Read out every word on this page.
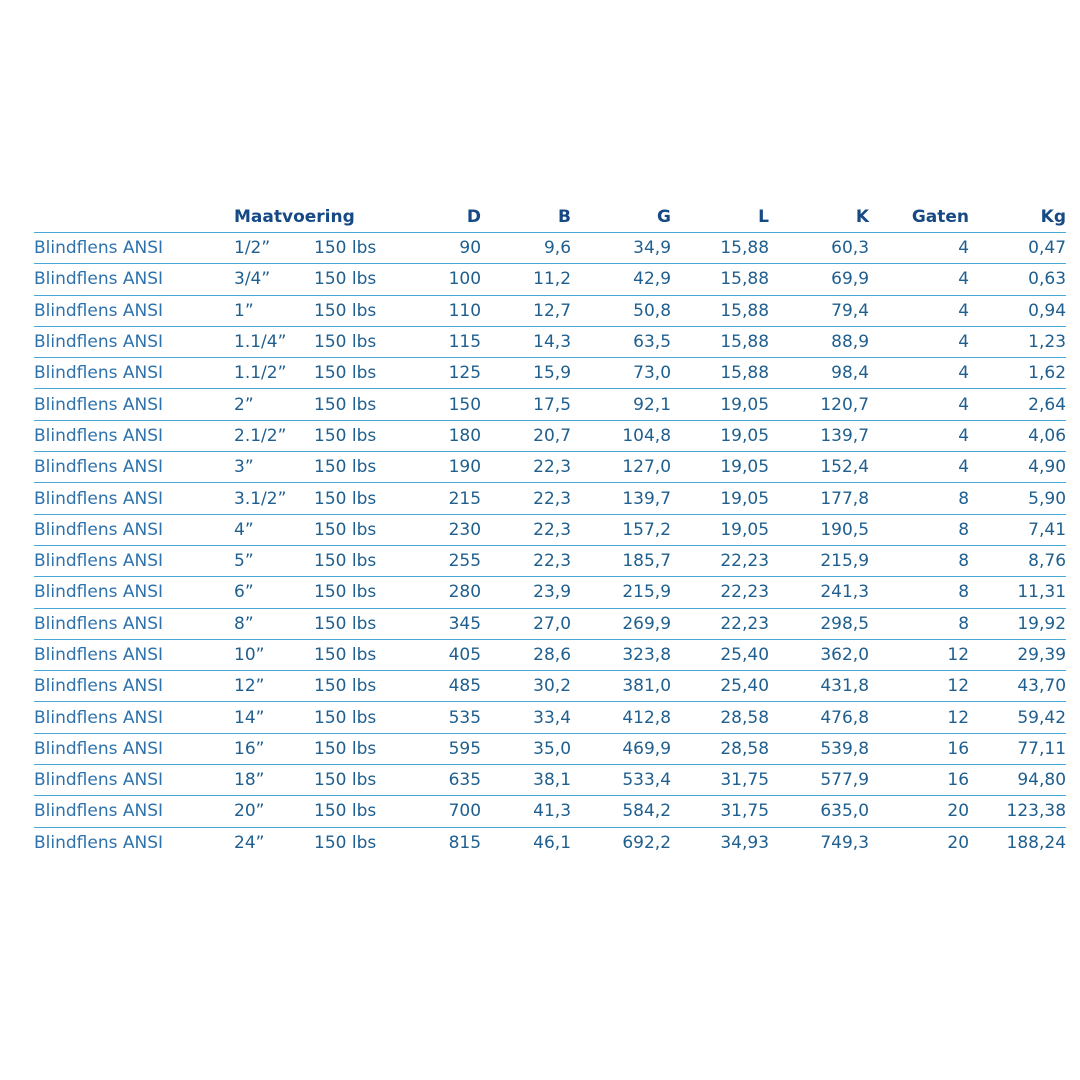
	Maatvoering		D	B	G	L	K	Gaten	Kg
Blindflens ANSI	1/2”	150 lbs	90	9,6	34,9	15,88	60,3	4	0,47
Blindflens ANSI	3/4”	150 lbs	100	11,2	42,9	15,88	69,9	4	0,63
Blindflens ANSI	1”	150 lbs	110	12,7	50,8	15,88	79,4	4	0,94
Blindflens ANSI	1.1/4”	150 lbs	115	14,3	63,5	15,88	88,9	4	1,23
Blindflens ANSI	1.1/2”	150 lbs	125	15,9	73,0	15,88	98,4	4	1,62
Blindflens ANSI	2”	150 lbs	150	17,5	92,1	19,05	120,7	4	2,64
Blindflens ANSI	2.1/2”	150 lbs	180	20,7	104,8	19,05	139,7	4	4,06
Blindflens ANSI	3”	150 lbs	190	22,3	127,0	19,05	152,4	4	4,90
Blindflens ANSI	3.1/2”	150 lbs	215	22,3	139,7	19,05	177,8	8	5,90
Blindflens ANSI	4”	150 lbs	230	22,3	157,2	19,05	190,5	8	7,41
Blindflens ANSI	5”	150 lbs	255	22,3	185,7	22,23	215,9	8	8,76
Blindflens ANSI	6”	150 lbs	280	23,9	215,9	22,23	241,3	8	11,31
Blindflens ANSI	8”	150 lbs	345	27,0	269,9	22,23	298,5	8	19,92
Blindflens ANSI	10”	150 lbs	405	28,6	323,8	25,40	362,0	12	29,39
Blindflens ANSI	12”	150 lbs	485	30,2	381,0	25,40	431,8	12	43,70
Blindflens ANSI	14”	150 lbs	535	33,4	412,8	28,58	476,8	12	59,42
Blindflens ANSI	16”	150 lbs	595	35,0	469,9	28,58	539,8	16	77,11
Blindflens ANSI	18”	150 lbs	635	38,1	533,4	31,75	577,9	16	94,80
Blindflens ANSI	20”	150 lbs	700	41,3	584,2	31,75	635,0	20	123,38
Blindflens ANSI	24”	150 lbs	815	46,1	692,2	34,93	749,3	20	188,24
